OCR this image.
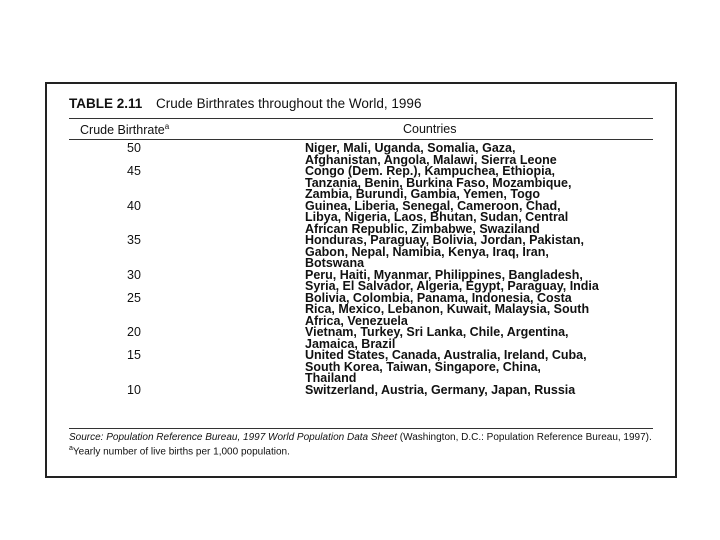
TABLE 2.11 Crude Birthrates throughout the World, 1996
Crude Birthrate$^a$	Countries
50	Niger, Mali, Uganda, Somalia, Gaza,
Afghanistan, Angola, Malawi, Sierra Leone
45	Congo (Dem. Rep.), Kampuchea, Ethiopia,
Tanzania, Benin, Burkina Faso, Mozambique,
Zambia, Burundi, Gambia, Yemen, Togo
40	Guinea, Liberia, Senegal, Cameroon, Chad,
Libya, Nigeria, Laos, Bhutan, Sudan, Central
African Republic, Zimbabwe, Swaziland
35	Honduras, Paraguay, Bolivia, Jordan, Pakistan,
Gabon, Nepal, Namibia, Kenya, Iraq, Iran,
Botswana
30	Peru, Haiti, Myanmar, Philippines, Bangladesh,
Syria, El Salvador, Algeria, Egypt, Paraguay, India
25	Bolivia, Colombia, Panama, Indonesia, Costa
Rica, Mexico, Lebanon, Kuwait, Malaysia, South
Africa, Venezuela
20	Vietnam, Turkey, Sri Lanka, Chile, Argentina,
Jamaica, Brazil
15	United States, Canada, Australia, Ireland, Cuba,
South Korea, Taiwan, Singapore, China,
Thailand
10	Switzerland, Austria, Germany, Japan, Russia
Source: Population Reference Bureau, 1997 World Population Data Sheet (Washington, D.C.: Population Reference Bureau, 1997).
$^a$Yearly number of live births per 1,000 population.
